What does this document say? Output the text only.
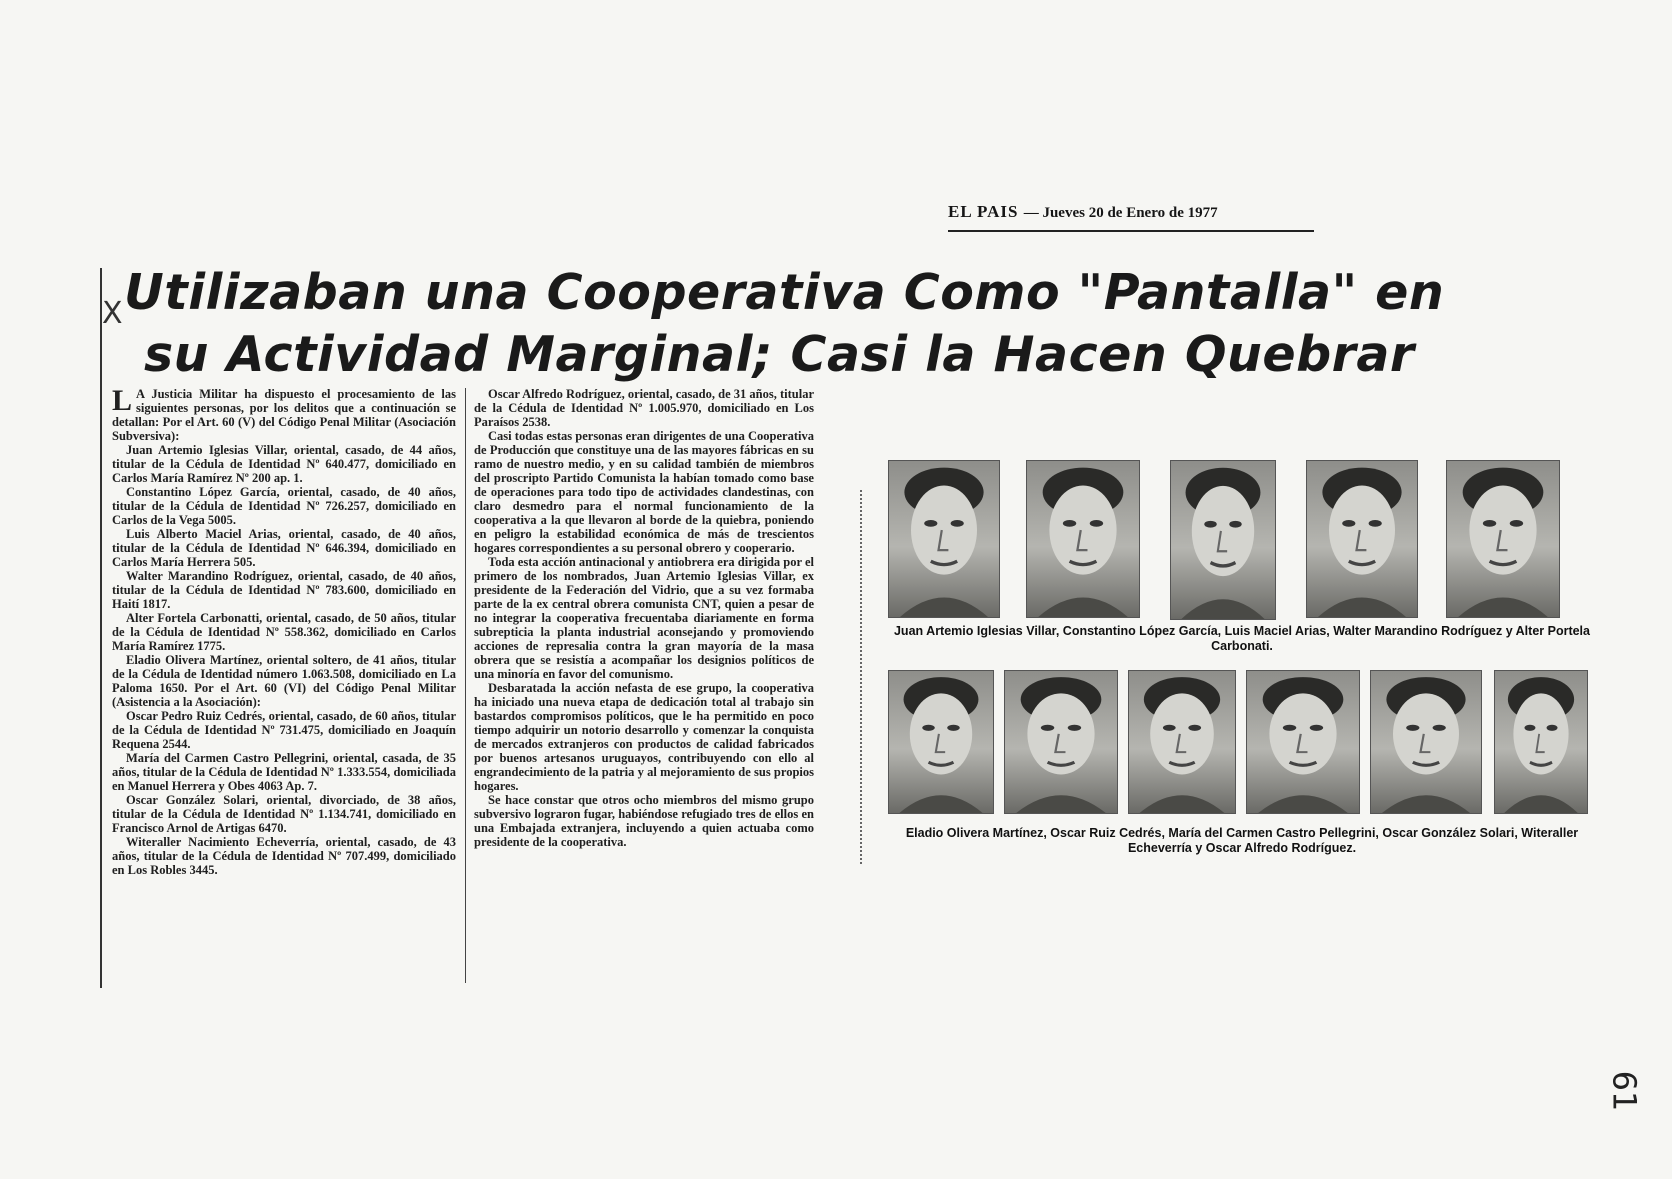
EL PAIS — Jueves 20 de Enero de 1977
X Utilizaban una Cooperativa Como "Pantalla" en
su Actividad Marginal; Casi la Hacen Quebrar

L A Justicia Militar ha dispuesto el procesamiento de las siguientes personas, por los delitos que a continuación se detallan: Por el Art. 60 (V) del Código Penal Militar (Asociación Subversiva):

Juan Artemio Iglesias Villar, oriental, casado, de 44 años, titular de la Cédula de Identidad Nº 640.477, domiciliado en Carlos María Ramírez Nº 200 ap. 1.

Constantino López García, oriental, casado, de 40 años, titular de la Cédula de Identidad Nº 726.257, domiciliado en Carlos de la Vega 5005.

Luis Alberto Maciel Arias, oriental, casado, de 40 años, titular de la Cédula de Identidad Nº 646.394, domiciliado en Carlos María Herrera 505.

Walter Marandino Rodríguez, oriental, casado, de 40 años, titular de la Cédula de Identidad Nº 783.600, domiciliado en Haití 1817.

Alter Fortela Carbonatti, oriental, casado, de 50 años, titular de la Cédula de Identidad Nº 558.362, domiciliado en Carlos María Ramírez 1775.

Eladio Olivera Martínez, oriental soltero, de 41 años, titular de la Cédula de Identidad número 1.063.508, domiciliado en La Paloma 1650. Por el Art. 60 (VI) del Código Penal Militar (Asistencia a la Asociación):

Oscar Pedro Ruiz Cedrés, oriental, casado, de 60 años, titular de la Cédula de Identidad Nº 731.475, domiciliado en Joaquín Requena 2544.

María del Carmen Castro Pellegrini, oriental, casada, de 35 años, titular de la Cédula de Identidad Nº 1.333.554, domiciliada en Manuel Herrera y Obes 4063 Ap. 7.

Oscar González Solari, oriental, divorciado, de 38 años, titular de la Cédula de Identidad Nº 1.134.741, domiciliado en Francisco Arnol de Artigas 6470.

Witeraller Nacimiento Echeverría, oriental, casado, de 43 años, titular de la Cédula de Identidad Nº 707.499, domiciliado en Los Robles 3445.

Oscar Alfredo Rodríguez, oriental, casado, de 31 años, titular de la Cédula de Identidad Nº 1.005.970, domiciliado en Los Paraísos 2538.

Casi todas estas personas eran dirigentes de una Cooperativa de Producción que constituye una de las mayores fábricas en su ramo de nuestro medio, y en su calidad también de miembros del proscripto Partido Comunista la habían tomado como base de operaciones para todo tipo de actividades clandestinas, con claro desmedro para el normal funcionamiento de la cooperativa a la que llevaron al borde de la quiebra, poniendo en peligro la estabilidad económica de más de trescientos hogares correspondientes a su personal obrero y cooperario.

Toda esta acción antinacional y antiobrera era dirigida por el primero de los nombrados, Juan Artemio Iglesias Villar, ex presidente de la Federación del Vidrio, que a su vez formaba parte de la ex central obrera comunista CNT, quien a pesar de no integrar la cooperativa frecuentaba diariamente en forma subrepticia la planta industrial aconsejando y promoviendo acciones de represalia contra la gran mayoría de la masa obrera que se resistía a acompañar los designios políticos de una minoría en favor del comunismo.

Desbaratada la acción nefasta de ese grupo, la cooperativa ha iniciado una nueva etapa de dedicación total al trabajo sin bastardos compromisos políticos, que le ha permitido en poco tiempo adquirir un notorio desarrollo y comenzar la conquista de mercados extranjeros con productos de calidad fabricados por buenos artesanos uruguayos, contribuyendo con ello al engrandecimiento de la patria y al mejoramiento de sus propios hogares.

Se hace constar que otros ocho miembros del mismo grupo subversivo lograron fugar, habiéndose refugiado tres de ellos en una Embajada extranjera, incluyendo a quien actuaba como presidente de la cooperativa.

Juan Artemio Iglesias Villar, Constantino López García, Luis Maciel Arias, Walter Marandino Rodríguez y Alter Portela Carbonati.
Eladio Olivera Martínez, Oscar Ruiz Cedrés, María del Carmen Castro Pellegrini, Oscar González Solari, Witeraller Echeverría y Oscar Alfredo Rodríguez.
61
